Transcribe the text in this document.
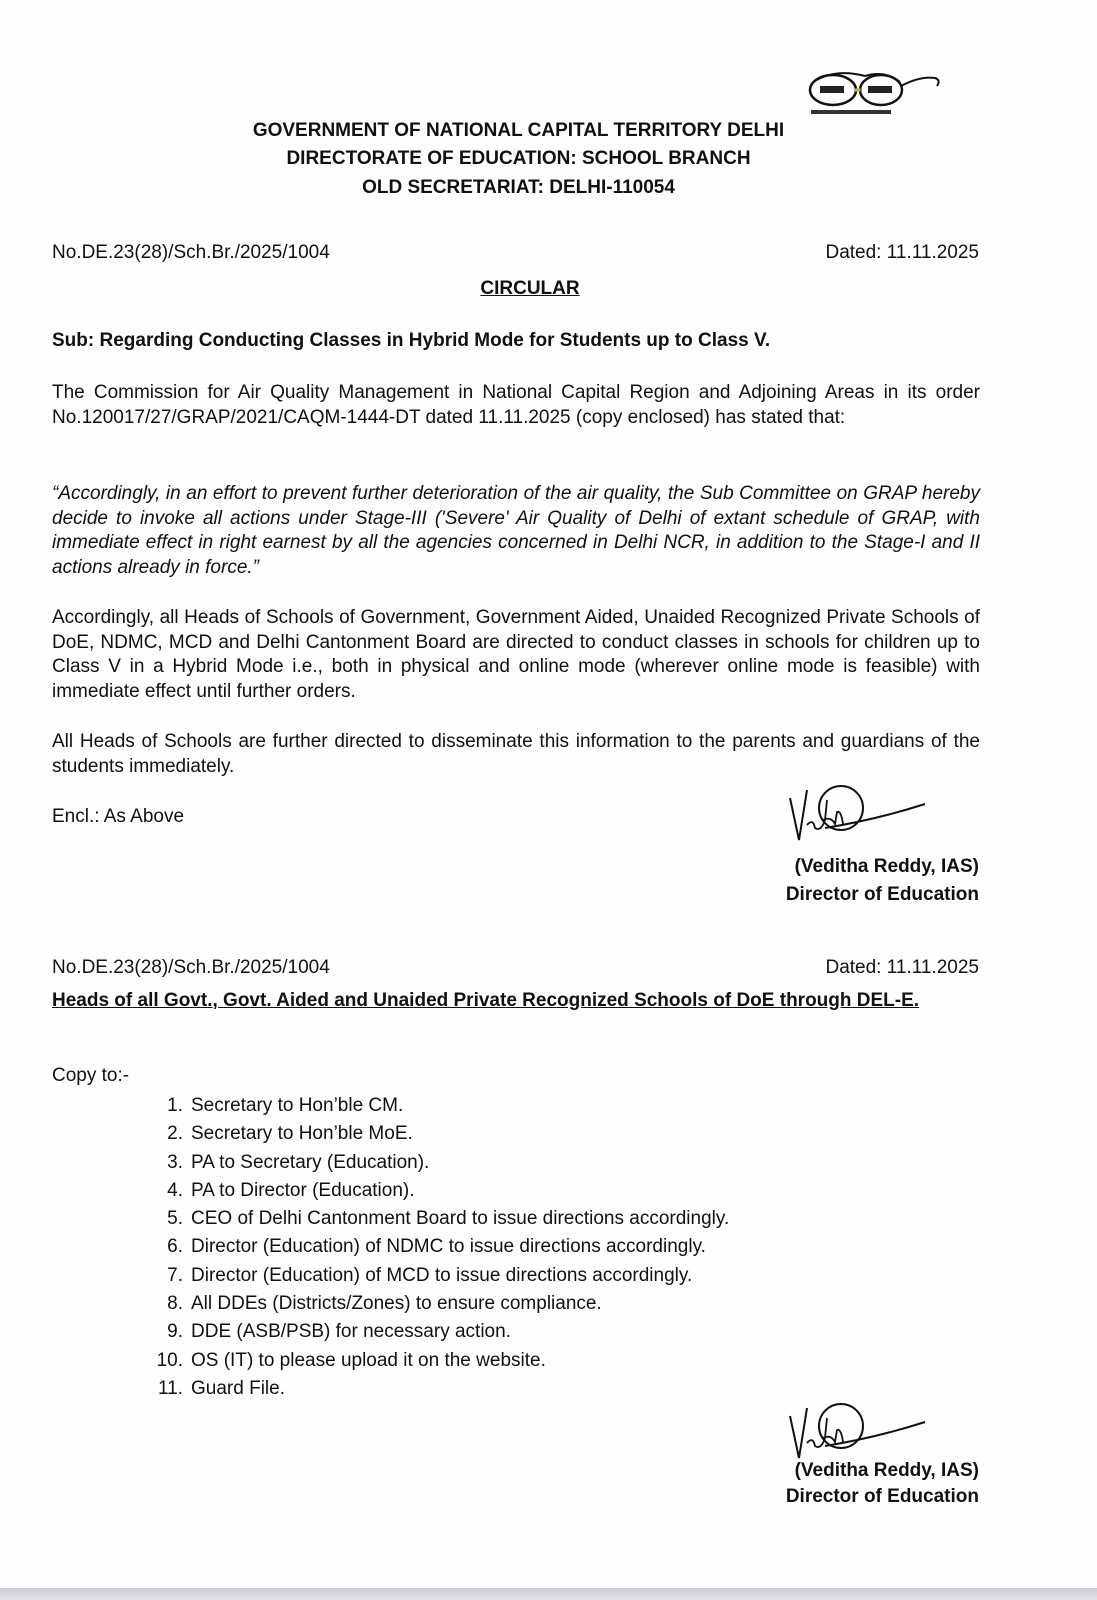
GOVERNMENT OF NATIONAL CAPITAL TERRITORY DELHI
DIRECTORATE OF EDUCATION: SCHOOL BRANCH
OLD SECRETARIAT: DELHI-110054
No.DE.23(28)/Sch.Br./2025/1004	Dated: 11.11.2025
CIRCULAR
Sub: Regarding Conducting Classes in Hybrid Mode for Students up to Class V.
The Commission for Air Quality Management in National Capital Region and Adjoining Areas in its order No.120017/27/GRAP/2021/CAQM-1444-DT dated 11.11.2025 (copy enclosed) has stated that:
“Accordingly, in an effort to prevent further deterioration of the air quality, the Sub Committee on GRAP hereby decide to invoke all actions under Stage-III ('Severe' Air Quality of Delhi of extant schedule of GRAP, with immediate effect in right earnest by all the agencies concerned in Delhi NCR, in addition to the Stage-I and II actions already in force.”
Accordingly, all Heads of Schools of Government, Government Aided, Unaided Recognized Private Schools of DoE, NDMC, MCD and Delhi Cantonment Board are directed to conduct classes in schools for children up to Class V in a Hybrid Mode i.e., both in physical and online mode (wherever online mode is feasible) with immediate effect until further orders.
All Heads of Schools are further directed to disseminate this information to the parents and guardians of the students immediately.
Encl.: As Above
(Veditha Reddy, IAS)
Director of Education
No.DE.23(28)/Sch.Br./2025/1004	Dated: 11.11.2025
Heads of all Govt., Govt. Aided and Unaided Private Recognized Schools of DoE through DEL-E.
Copy to:-
1. Secretary to Hon’ble CM.
2. Secretary to Hon’ble MoE.
3. PA to Secretary (Education).
4. PA to Director (Education).
5. CEO of Delhi Cantonment Board to issue directions accordingly.
6. Director (Education) of NDMC to issue directions accordingly.
7. Director (Education) of MCD to issue directions accordingly.
8. All DDEs (Districts/Zones) to ensure compliance.
9. DDE (ASB/PSB) for necessary action.
10. OS (IT) to please upload it on the website.
11. Guard File.
(Veditha Reddy, IAS)
Director of Education
